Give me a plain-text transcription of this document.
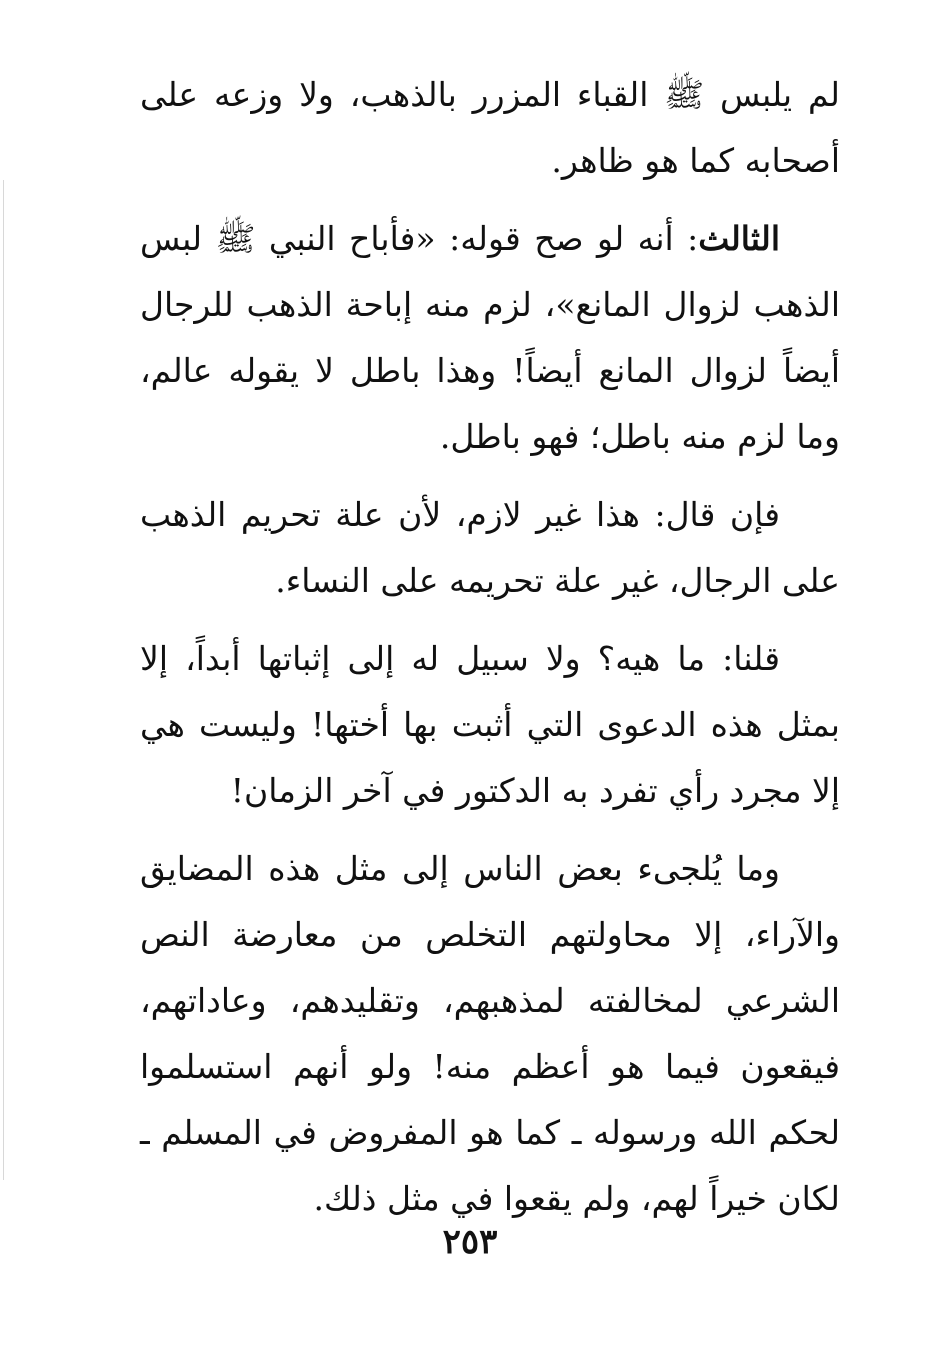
لم يلبس ﷺ القباء المزرر بالذهب، ولا وزعه على أصحابه كما هو ظاهر.

الثالث: أنه لو صح قوله: «فأباح النبي ﷺ لبس الذهب لزوال المانع»، لزم منه إباحة الذهب للرجال أيضاً لزوال المانع أيضاً! وهذا باطل لا يقوله عالم، وما لزم منه باطل؛ فهو باطل.

فإن قال: هذا غير لازم، لأن علة تحريم الذهب على الرجال، غير علة تحريمه على النساء.

قلنا: ما هيه؟ ولا سبيل له إلى إثباتها أبداً، إلا بمثل هذه الدعوى التي أثبت بها أختها! وليست هي إلا مجرد رأي تفرد به الدكتور في آخر الزمان!

وما يُلجىء بعض الناس إلى مثل هذه المضايق والآراء، إلا محاولتهم التخلص من معارضة النص الشرعي لمخالفته لمذهبهم، وتقليدهم، وعاداتهم، فيقعون فيما هو أعظم منه! ولو أنهم استسلموا لحكم الله ورسوله ـ كما هو المفروض في المسلم ـ لكان خيراً لهم، ولم يقعوا في مثل ذلك.

٢٥٣
